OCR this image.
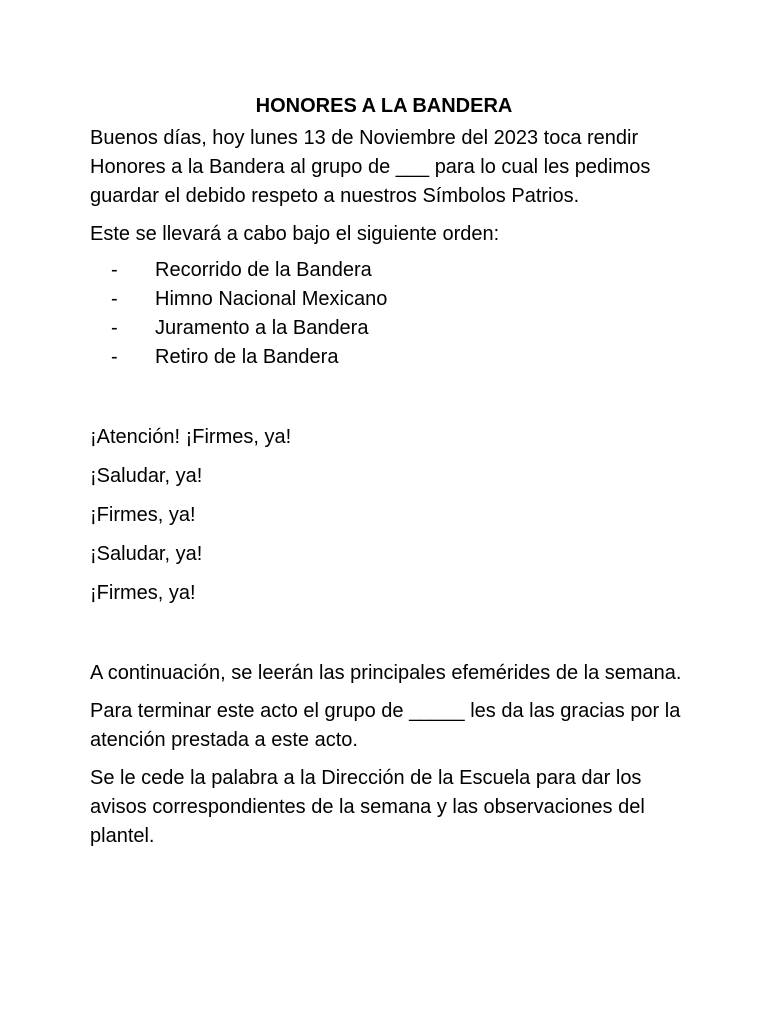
HONORES A LA BANDERA

Buenos días, hoy lunes 13 de Noviembre del 2023 toca rendir Honores a la Bandera al grupo de ___ para lo cual les pedimos guardar el debido respeto a nuestros Símbolos Patrios.

Este se llevará a cabo bajo el siguiente orden:

- Recorrido de la Bandera
- Himno Nacional Mexicano
- Juramento a la Bandera
- Retiro de la Bandera

¡Atención! ¡Firmes, ya!

¡Saludar, ya!

¡Firmes, ya!

¡Saludar, ya!

¡Firmes, ya!

A continuación, se leerán las principales efemérides de la semana.

Para terminar este acto el grupo de _____ les da las gracias por la atención prestada a este acto.

Se le cede la palabra a la Dirección de la Escuela para dar los avisos correspondientes de la semana y las observaciones del plantel.
